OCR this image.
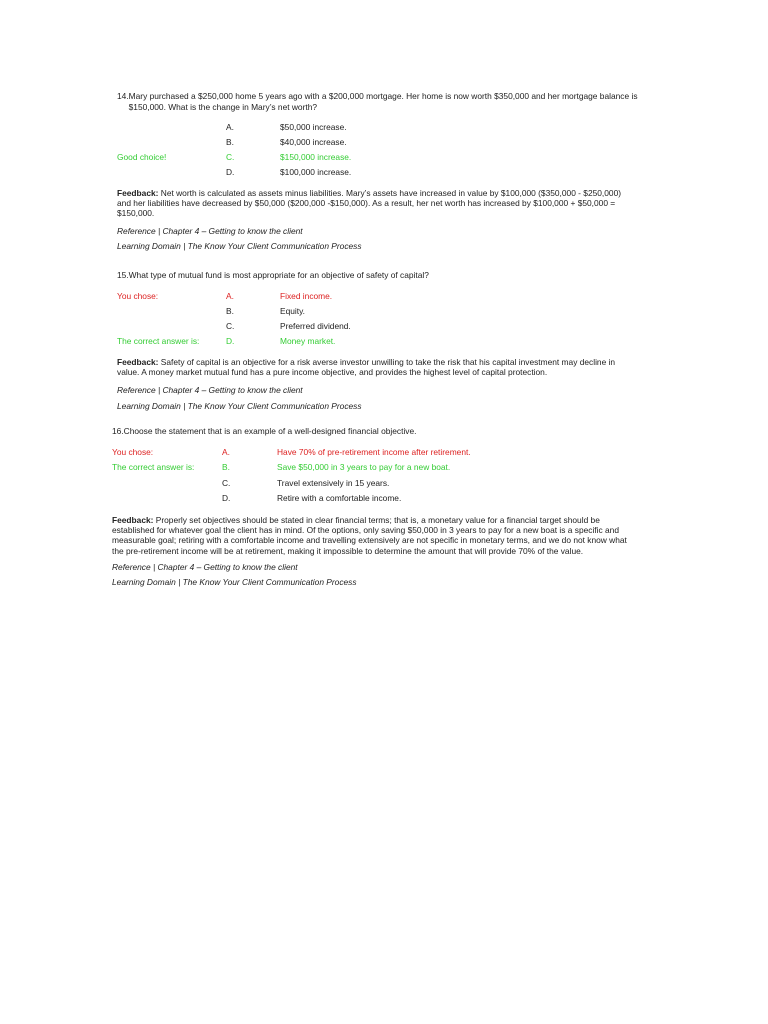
14.Mary purchased a $250,000 home 5 years ago with a $200,000 mortgage. Her home is now worth $350,000 and her mortgage balance is
$150,000. What is the change in Mary’s net worth?
A.	$50,000 increase.
B.	$40,000 increase.
Good choice!	C.	$150,000 increase.
D.	$100,000 increase.
Feedback: Net worth is calculated as assets minus liabilities. Mary’s assets have increased in value by $100,000 ($350,000 - $250,000)
and her liabilities have decreased by $50,000 ($200,000 -$150,000). As a result, her net worth has increased by $100,000 + $50,000 =
$150,000.
Reference | Chapter 4 – Getting to know the client
Learning Domain | The Know Your Client Communication Process
15.What type of mutual fund is most appropriate for an objective of safety of capital?
You chose:	A.	Fixed income.
B.	Equity.
C.	Preferred dividend.
The correct answer is:	D.	Money market.
Feedback: Safety of capital is an objective for a risk averse investor unwilling to take the risk that his capital investment may decline in
value. A money market mutual fund has a pure income objective, and provides the highest level of capital protection.
Reference | Chapter 4 – Getting to know the client
Learning Domain | The Know Your Client Communication Process
16.Choose the statement that is an example of a well-designed financial objective.
You chose:	A.	Have 70% of pre-retirement income after retirement.
The correct answer is:	B.	Save $50,000 in 3 years to pay for a new boat.
C.	Travel extensively in 15 years.
D.	Retire with a comfortable income.
Feedback: Properly set objectives should be stated in clear financial terms; that is, a monetary value for a financial target should be
established for whatever goal the client has in mind. Of the options, only saving $50,000 in 3 years to pay for a new boat is a specific and
measurable goal; retiring with a comfortable income and travelling extensively are not specific in monetary terms, and we do not know what
the pre-retirement income will be at retirement, making it impossible to determine the amount that will provide 70% of the value.
Reference | Chapter 4 – Getting to know the client
Learning Domain | The Know Your Client Communication Process
